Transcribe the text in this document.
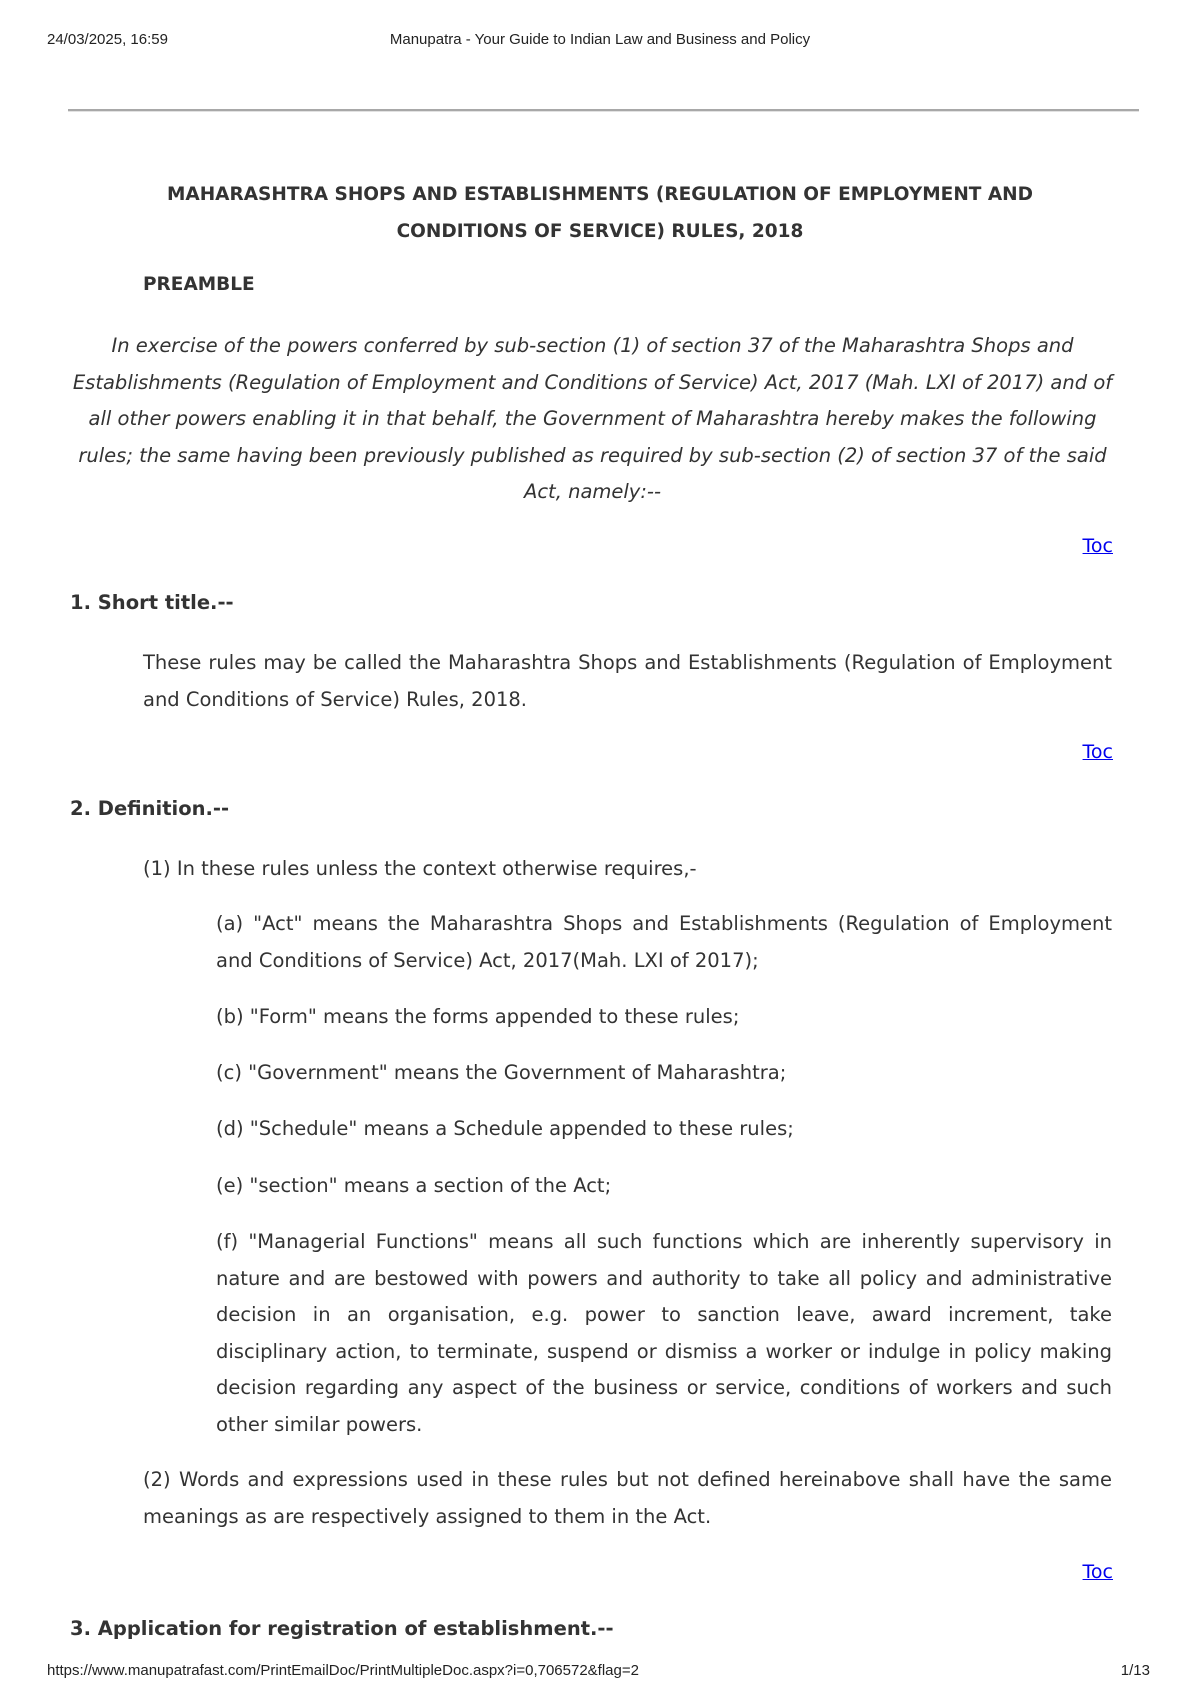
24/03/2025, 16:59	Manupatra - Your Guide to Indian Law and Business and Policy
MAHARASHTRA SHOPS AND ESTABLISHMENTS (REGULATION OF EMPLOYMENT AND CONDITIONS OF SERVICE) RULES, 2018
PREAMBLE
In exercise of the powers conferred by sub-section (1) of section 37 of the Maharashtra Shops and Establishments (Regulation of Employment and Conditions of Service) Act, 2017 (Mah. LXI of 2017) and of all other powers enabling it in that behalf, the Government of Maharashtra hereby makes the following rules; the same having been previously published as required by sub-section (2) of section 37 of the said Act, namely:--
Toc
1. Short title.--
These rules may be called the Maharashtra Shops and Establishments (Regulation of Employment and Conditions of Service) Rules, 2018.
Toc
2. Definition.--
(1) In these rules unless the context otherwise requires,-
(a) "Act" means the Maharashtra Shops and Establishments (Regulation of Employment and Conditions of Service) Act, 2017(Mah. LXI of 2017);
(b) "Form" means the forms appended to these rules;
(c) "Government" means the Government of Maharashtra;
(d) "Schedule" means a Schedule appended to these rules;
(e) "section" means a section of the Act;
(f) "Managerial Functions" means all such functions which are inherently supervisory in nature and are bestowed with powers and authority to take all policy and administrative decision in an organisation, e.g. power to sanction leave, award increment, take disciplinary action, to terminate, suspend or dismiss a worker or indulge in policy making decision regarding any aspect of the business or service, conditions of workers and such other similar powers.
(2) Words and expressions used in these rules but not defined hereinabove shall have the same meanings as are respectively assigned to them in the Act.
Toc
3. Application for registration of establishment.--
https://www.manupatrafast.com/PrintEmailDoc/PrintMultipleDoc.aspx?i=0,706572&flag=2	1/13
